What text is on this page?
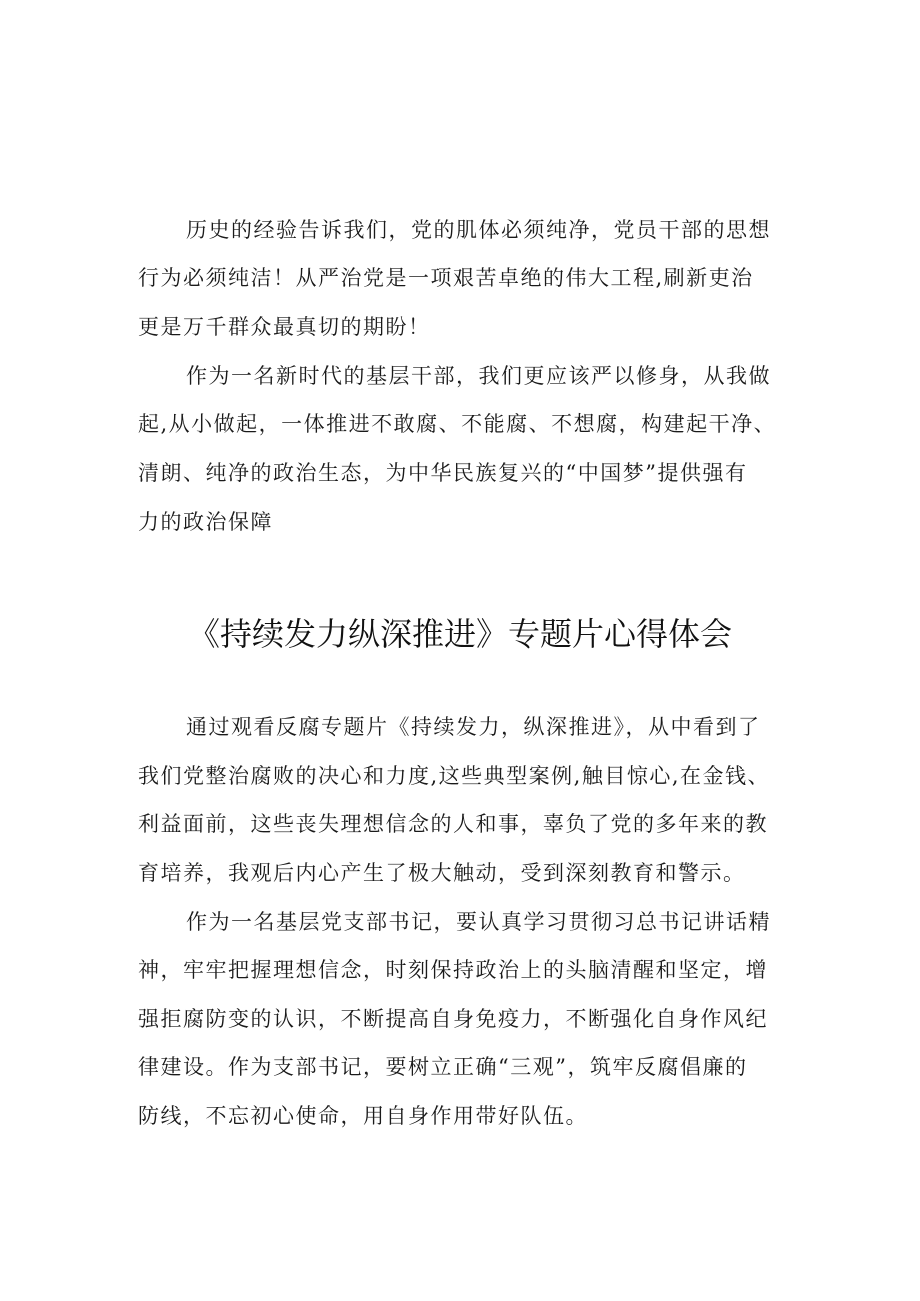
历史的经验告诉我们，党的肌体必须纯净，党员干部的思想
行为必须纯洁！从严治党是一项艰苦卓绝的伟大工程,刷新吏治
更是万千群众最真切的期盼！
作为一名新时代的基层干部，我们更应该严以修身，从我做
起,从小做起，一体推进不敢腐、不能腐、不想腐，构建起干净、
清朗、纯净的政治生态，为中华民族复兴的“中国梦”提供强有
力的政治保障
《持续发力纵深推进》专题片心得体会
通过观看反腐专题片《持续发力，纵深推进》，从中看到了
我们党整治腐败的决心和力度,这些典型案例,触目惊心,在金钱、
利益面前，这些丧失理想信念的人和事，辜负了党的多年来的教
育培养，我观后内心产生了极大触动，受到深刻教育和警示。
作为一名基层党支部书记，要认真学习贯彻习总书记讲话精
神，牢牢把握理想信念，时刻保持政治上的头脑清醒和坚定，增
强拒腐防变的认识，不断提高自身免疫力，不断强化自身作风纪
律建设。作为支部书记，要树立正确“三观”，筑牢反腐倡廉的
防线，不忘初心使命，用自身作用带好队伍。
